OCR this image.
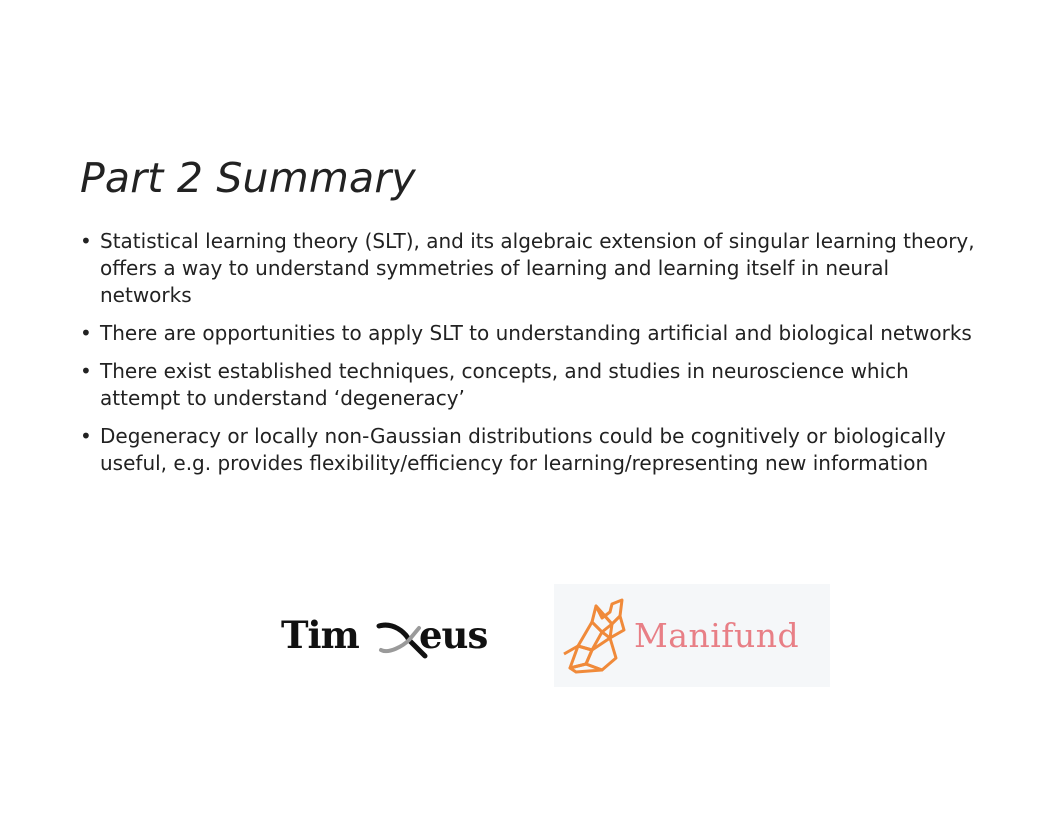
Part 2 Summary
• Statistical learning theory (SLT), and its algebraic extension of singular learning theory, offers a way to understand symmetries of learning and learning itself in neural networks
• There are opportunities to apply SLT to understanding artificial and biological networks
• There exist established techniques, concepts, and studies in neuroscience which attempt to understand ‘degeneracy’
• Degeneracy or locally non-Gaussian distributions could be cognitively or biologically useful, e.g. provides flexibility/efficiency for learning/representing new information
Tim eus	Manifund
